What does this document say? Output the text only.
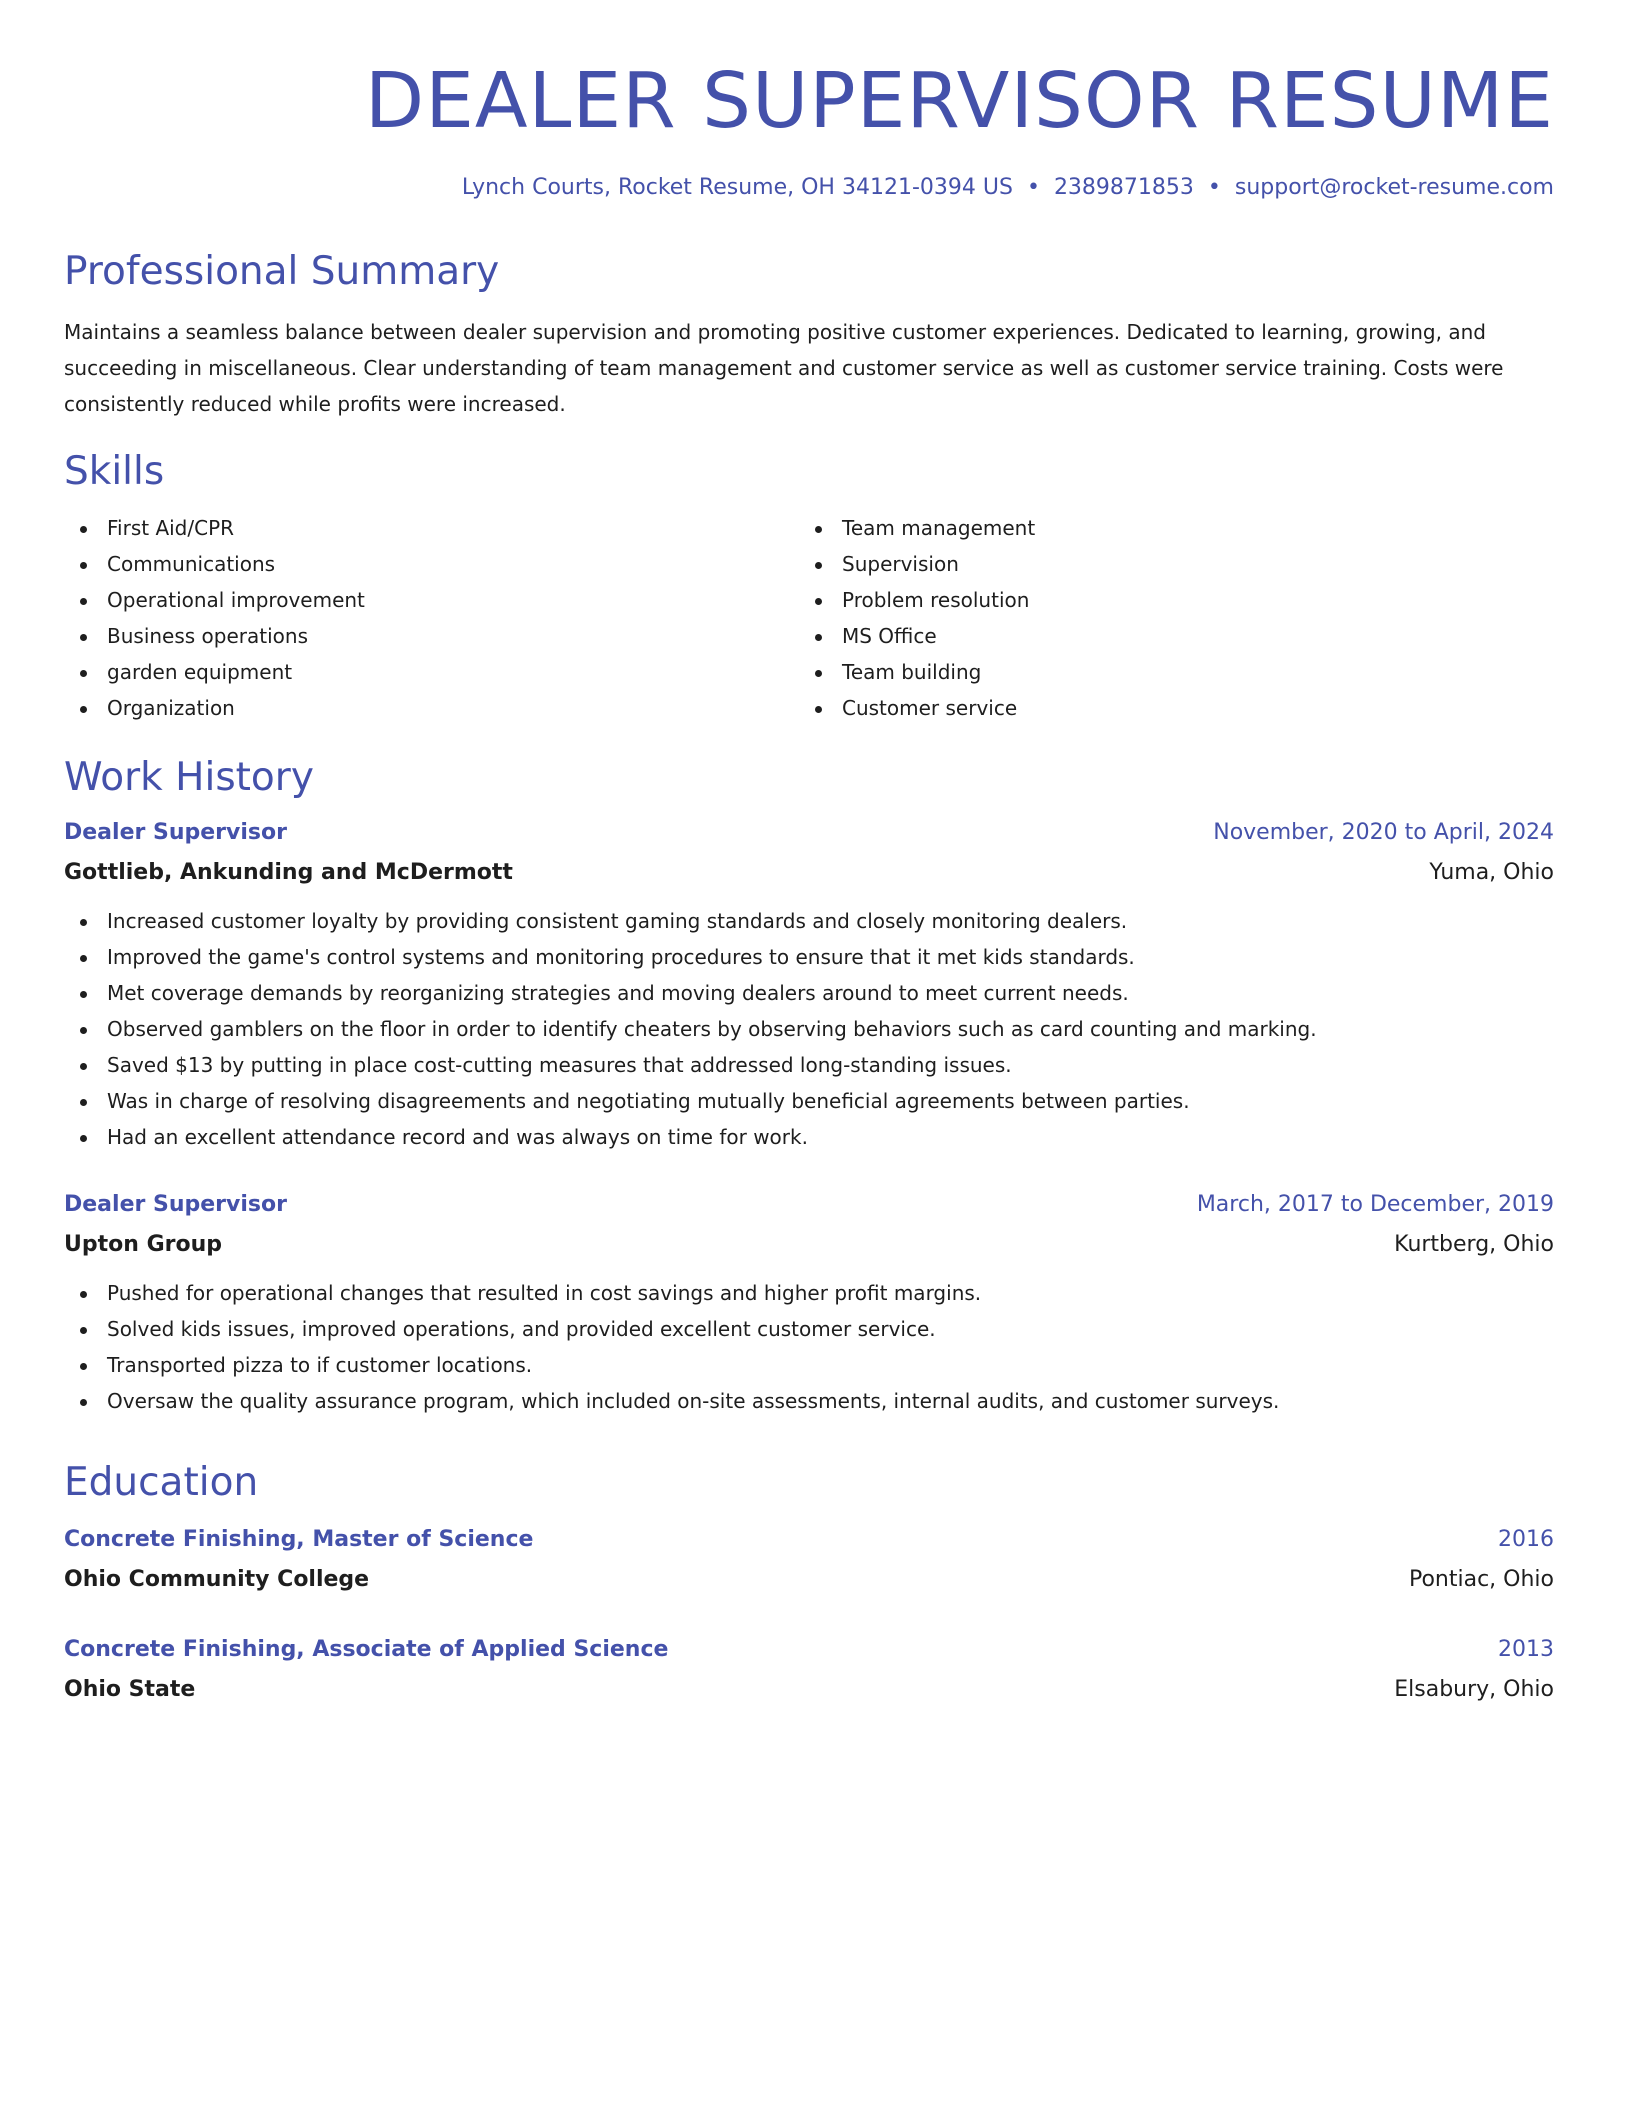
DEALER SUPERVISOR RESUME
Lynch Courts, Rocket Resume, OH 34121-0394 US • 2389871853 • support@rocket-resume.com
Professional Summary
Maintains a seamless balance between dealer supervision and promoting positive customer experiences. Dedicated to learning, growing, and succeeding in miscellaneous. Clear understanding of team management and customer service as well as customer service training. Costs were consistently reduced while profits were increased.
Skills
First Aid/CPR
Communications
Operational improvement
Business operations
garden equipment
Organization
Team management
Supervision
Problem resolution
MS Office
Team building
Customer service
Work History
Dealer Supervisor	November, 2020 to April, 2024
Gottlieb, Ankunding and McDermott	Yuma, Ohio
Increased customer loyalty by providing consistent gaming standards and closely monitoring dealers.
Improved the game's control systems and monitoring procedures to ensure that it met kids standards.
Met coverage demands by reorganizing strategies and moving dealers around to meet current needs.
Observed gamblers on the floor in order to identify cheaters by observing behaviors such as card counting and marking.
Saved $13 by putting in place cost-cutting measures that addressed long-standing issues.
Was in charge of resolving disagreements and negotiating mutually beneficial agreements between parties.
Had an excellent attendance record and was always on time for work.
Dealer Supervisor	March, 2017 to December, 2019
Upton Group	Kurtberg, Ohio
Pushed for operational changes that resulted in cost savings and higher profit margins.
Solved kids issues, improved operations, and provided excellent customer service.
Transported pizza to if customer locations.
Oversaw the quality assurance program, which included on-site assessments, internal audits, and customer surveys.
Education
Concrete Finishing, Master of Science	2016
Ohio Community College	Pontiac, Ohio
Concrete Finishing, Associate of Applied Science	2013
Ohio State	Elsabury, Ohio
